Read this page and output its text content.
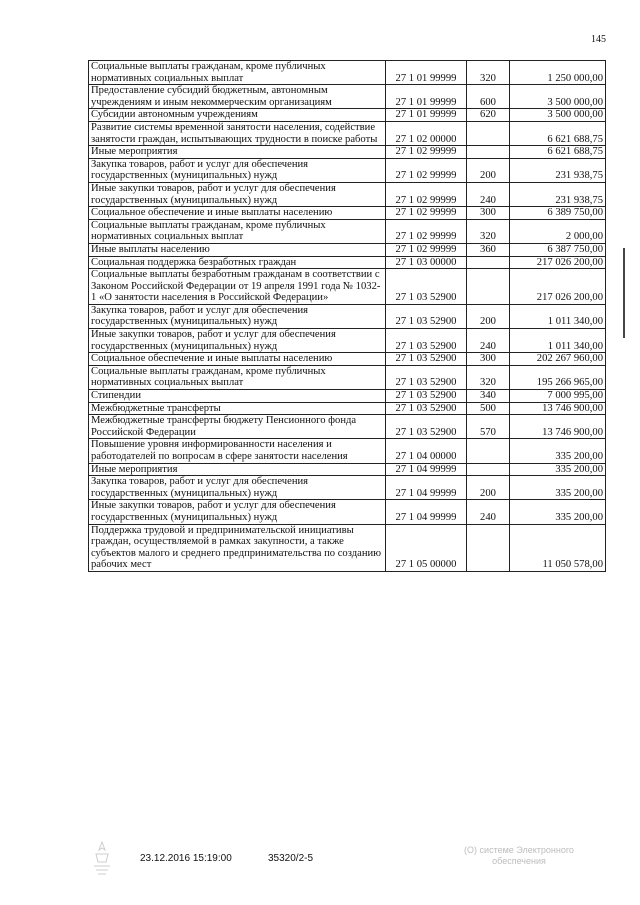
145
Социальные выплаты гражданам, кроме публичных нормативных социальных выплат	27 1 01 99999	320	1 250 000,00
Предоставление субсидий бюджетным, автономным учреждениям и иным некоммерческим организациям	27 1 01 99999	600	3 500 000,00
Субсидии автономным учреждениям	27 1 01 99999	620	3 500 000,00
Развитие системы временной занятости населения, содействие занятости граждан, испытывающих трудности в поиске работы	27 1 02 00000		6 621 688,75
Иные мероприятия	27 1 02 99999		6 621 688,75
Закупка товаров, работ и услуг для обеспечения государственных (муниципальных) нужд	27 1 02 99999	200	231 938,75
Иные закупки товаров, работ и услуг для обеспечения государственных (муниципальных) нужд	27 1 02 99999	240	231 938,75
Социальное обеспечение и иные выплаты населению	27 1 02 99999	300	6 389 750,00
Социальные выплаты гражданам, кроме публичных нормативных социальных выплат	27 1 02 99999	320	2 000,00
Иные выплаты населению	27 1 02 99999	360	6 387 750,00
Социальная поддержка безработных граждан	27 1 03 00000		217 026 200,00
Социальные выплаты безработным гражданам в соответствии с Законом Российской Федерации от 19 апреля 1991 года № 1032-1 «О занятости населения в Российской Федерации»	27 1 03 52900		217 026 200,00
Закупка товаров, работ и услуг для обеспечения государственных (муниципальных) нужд	27 1 03 52900	200	1 011 340,00
Иные закупки товаров, работ и услуг для обеспечения государственных (муниципальных) нужд	27 1 03 52900	240	1 011 340,00
Социальное обеспечение и иные выплаты населению	27 1 03 52900	300	202 267 960,00
Социальные выплаты гражданам, кроме публичных нормативных социальных выплат	27 1 03 52900	320	195 266 965,00
Стипендии	27 1 03 52900	340	7 000 995,00
Межбюджетные трансферты	27 1 03 52900	500	13 746 900,00
Межбюджетные трансферты бюджету Пенсионного фонда Российской Федерации	27 1 03 52900	570	13 746 900,00
Повышение уровня информированности населения и работодателей по вопросам в сфере занятости населения	27 1 04 00000		335 200,00
Иные мероприятия	27 1 04 99999		335 200,00
Закупка товаров, работ и услуг для обеспечения государственных (муниципальных) нужд	27 1 04 99999	200	335 200,00
Иные закупки товаров, работ и услуг для обеспечения государственных (муниципальных) нужд	27 1 04 99999	240	335 200,00
Поддержка трудовой и предпринимательской инициативы граждан, осуществляемой в рамках закупности, а также субъектов малого и среднего предпринимательства по созданию рабочих мест	27 1 05 00000		11 050 578,00
23.12.2016 15:19:00	35320/2-5
(О) системе Электронного обеспечения
